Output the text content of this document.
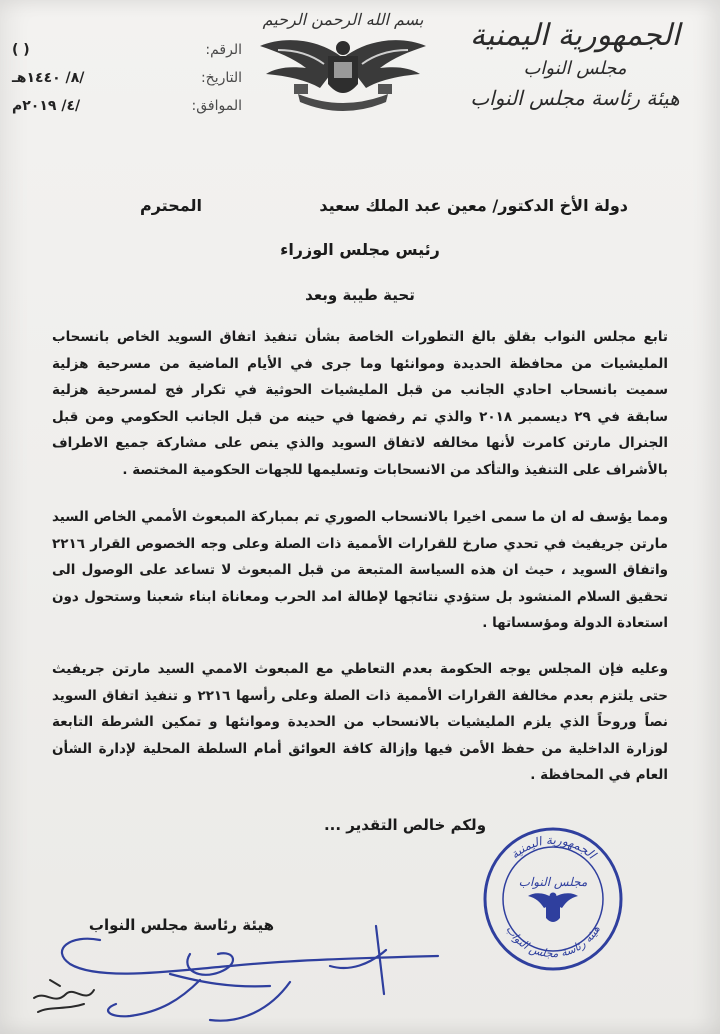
الجمهورية اليمنية
مجلس النواب
هيئة رئاسة مجلس النواب
بسم الله الرحمن الرحيم
الرقم:
( )
التاريخ:
/٨/ ١٤٤٠هـ
الموافق:
/٤/ ٢٠١٩م
دولة الأخ الدكتور/ معين عبد الملك سعيد
المحترم
رئيس مجلس الوزراء
تحية طيبة وبعد
تابع مجلس النواب بقلق بالغ التطورات الخاصة بشأن تنفيذ اتفاق السويد الخاص بانسحاب المليشيات من محافظة الحديدة وموانئها وما جرى في الأيام الماضية من مسرحية هزلية سميت بانسحاب احادي الجانب من قبل المليشيات الحوثية في تكرار فج لمسرحية هزلية سابقة في ٢٩ ديسمبر ٢٠١٨ والذي تم رفضها في حينه من قبل الجانب الحكومي ومن قبل الجنرال مارتن كامرت لأنها مخالفه لاتفاق السويد والذي ينص على مشاركة جميع الاطراف بالأشراف على التنفيذ والتأكد من الانسحابات وتسليمها للجهات الحكومية المختصة .
ومما يؤسف له ان ما سمى اخيرا بالانسحاب الصوري تم بمباركة المبعوث الأممي الخاص السيد مارتن جريفيث في تحدي صارخ للقرارات الأممية ذات الصلة وعلى وجه الخصوص القرار ٢٢١٦ واتفاق السويد ، حيث ان هذه السياسة المتبعة من قبل المبعوث لا تساعد على الوصول الى تحقيق السلام المنشود بل ستؤدي نتائجها لإطالة امد الحرب ومعاناة ابناء شعبنا وستحول دون استعادة الدولة ومؤسساتها .
وعليه فإن المجلس يوجه الحكومة بعدم التعاطي مع المبعوث الاممي السيد مارتن جريفيث حتى يلتزم بعدم مخالفة القرارات الأممية ذات الصلة وعلى رأسها ٢٢١٦ و تنفيذ اتفاق السويد نصاً وروحاً الذي يلزم المليشيات بالانسحاب من الحديدة وموانئها و تمكين الشرطة التابعة لوزارة الداخلية من حفظ الأمن فيها وإزالة كافة العوائق أمام السلطة المحلية لإدارة الشأن العام في المحافظة .
ولكم خالص التقدير ...
هيئة رئاسة مجلس النواب
الجمهورية اليمنية
هيئة رئاسة مجلس النواب
مجلس النواب
